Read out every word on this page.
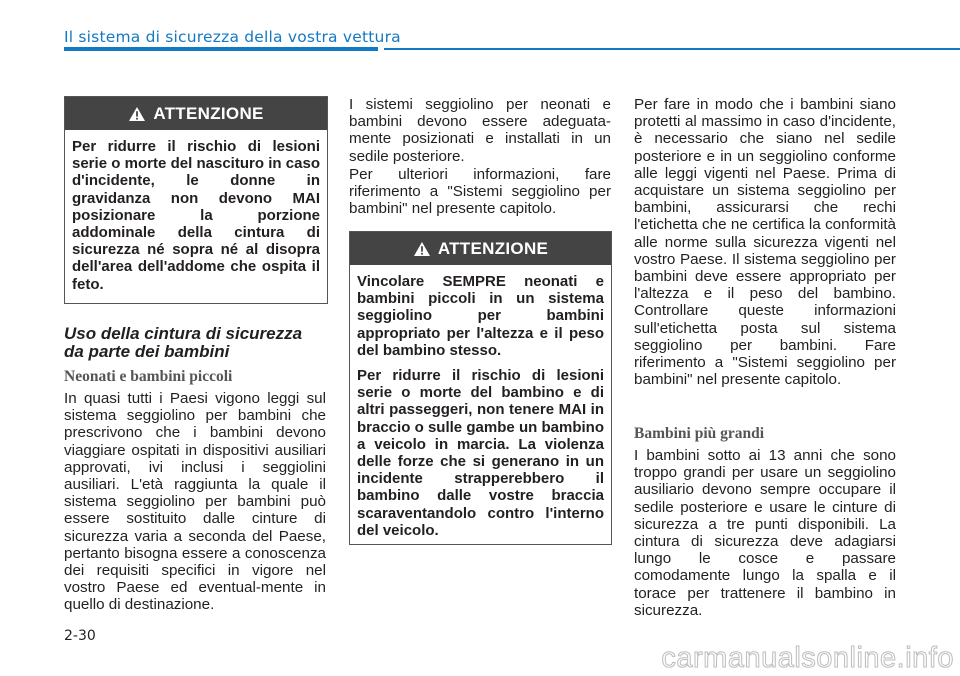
Il sistema di sicurezza della vostra vettura
ATTENZIONE

Per ridurre il rischio di lesioni serie o morte del nascituro in caso d'incidente, le donne in gravidanza non devono MAI posizionare la porzione addominale della cintura di sicurezza né sopra né al disopra dell'area dell'addome che ospita il feto.

Uso della cintura di sicurezza da parte dei bambini
Neonati e bambini piccoli

In quasi tutti i Paesi vigono leggi sul sistema seggiolino per bambini che prescrivono che i bambini devono viaggiare ospitati in dispositivi ausiliari approvati, ivi inclusi i seggiolini ausiliari. L'età raggiunta la quale il sistema seggiolino per bambini può essere sostituito dalle cinture di sicurezza varia a seconda del Paese, pertanto bisogna essere a conoscenza dei requisiti specifici in vigore nel vostro Paese ed eventual-mente in quello di destinazione.

I sistemi seggiolino per neonati e bambini devono essere adeguata-mente posizionati e installati in un sedile posteriore.

Per ulteriori informazioni, fare riferimento a "Sistemi seggiolino per bambini" nel presente capitolo.

ATTENZIONE

Vincolare SEMPRE neonati e bambini piccoli in un sistema seggiolino per bambini appropriato per l'altezza e il peso del bambino stesso.

Per ridurre il rischio di lesioni serie o morte del bambino e di altri passeggeri, non tenere MAI in braccio o sulle gambe un bambino a veicolo in marcia. La violenza delle forze che si generano in un incidente strapperebbero il bambino dalle vostre braccia scaraventandolo contro l'interno del veicolo.

Per fare in modo che i bambini siano protetti al massimo in caso d'incidente, è necessario che siano nel sedile posteriore e in un seggiolino conforme alle leggi vigenti nel Paese. Prima di acquistare un sistema seggiolino per bambini, assicurarsi che rechi l'etichetta che ne certifica la conformità alle norme sulla sicurezza vigenti nel vostro Paese. Il sistema seggiolino per bambini deve essere appropriato per l'altezza e il peso del bambino. Controllare queste informazioni sull'etichetta posta sul sistema seggiolino per bambini. Fare riferimento a "Sistemi seggiolino per bambini" nel presente capitolo.

Bambini più grandi

I bambini sotto ai 13 anni che sono troppo grandi per usare un seggiolino ausiliario devono sempre occupare il sedile posteriore e usare le cinture di sicurezza a tre punti disponibili. La cintura di sicurezza deve adagiarsi lungo le cosce e passare comodamente lungo la spalla e il torace per trattenere il bambino in sicurezza.

2-30
carmanualsonline.info
